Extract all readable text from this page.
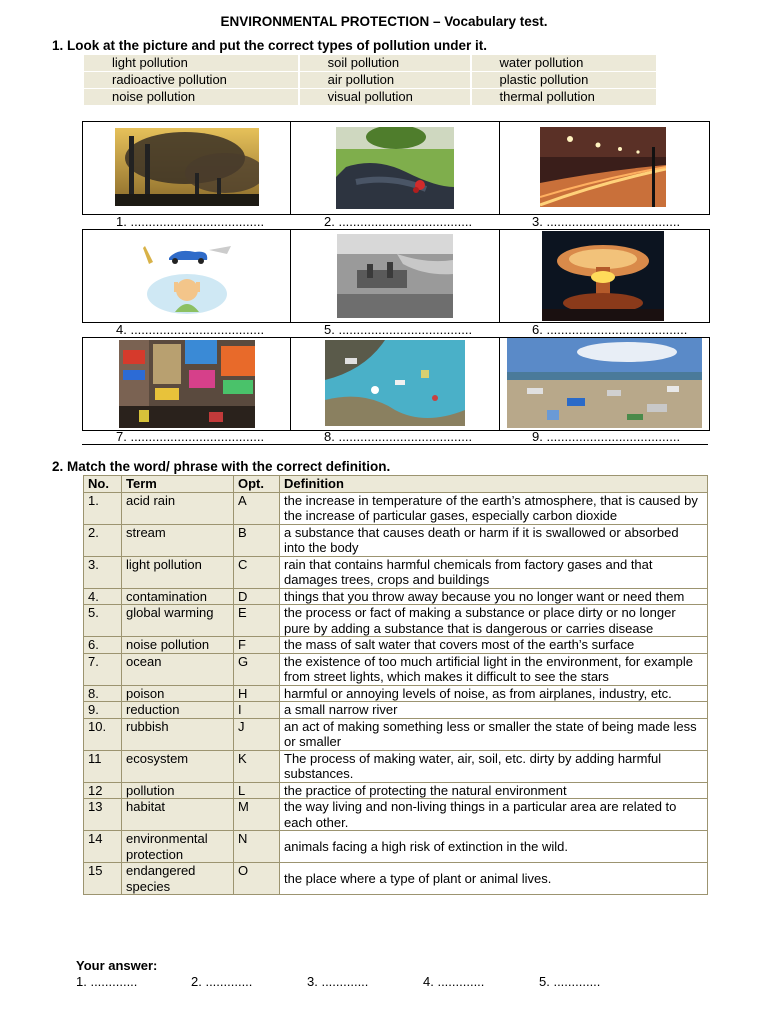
ENVIRONMENTAL PROTECTION – Vocabulary test.
1. Look at the picture and put the correct types of pollution under it.
light pollution	soil pollution	water pollution
radioactive pollution	air pollution	plastic pollution
noise pollution	visual pollution	thermal pollution
1. .....................................	2. .....................................	3. .....................................
4. .....................................	5. .....................................	6. .......................................
7. .....................................	8. .....................................	9. .....................................
2. Match the word/ phrase with the correct definition.
No.	Term	Opt.	Definition
1.	acid rain	A	the increase in temperature of the earth’s atmosphere, that is caused by the increase of particular gases, especially carbon dioxide
2.	stream	B	a substance that causes death or harm if it is swallowed or absorbed into the body
3.	light pollution	C	rain that contains harmful chemicals from factory gases and that damages trees, crops and buildings
4.	contamination	D	things that you throw away because you no longer want or need them
5.	global warming	E	the process or fact of making a substance or place dirty or no longer pure by adding a substance that is dangerous or carries disease
6.	noise pollution	F	the mass of salt water that covers most of the earth’s surface
7.	ocean	G	the existence of too much artificial light in the environment, for example from street lights, which makes it difficult to see the stars
8.	poison	H	harmful or annoying levels of noise, as from airplanes, industry, etc.
9.	reduction	I	a small narrow river
10.	rubbish	J	an act of making something less or smaller the state of being made less or smaller
11	ecosystem	K	The process of making water, air, soil, etc. dirty by adding harmful substances.
12	pollution	L	the practice of protecting the natural environment
13	habitat	M	the way living and non-living things in a particular area are related to each other.
14	environmental protection	N	animals facing a high risk of extinction in the wild.
15	endangered species	O	the place where a type of plant or animal lives.
Your answer:
1. .............	2. .............	3. .............	4. .............	5. .............
